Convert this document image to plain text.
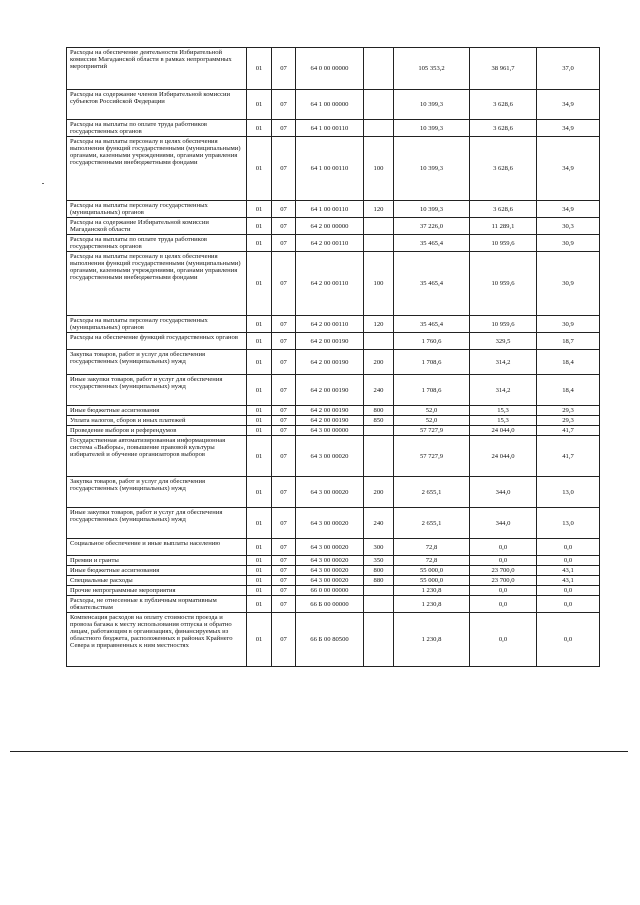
Расходы на обеспечение деятельности Избирательной комиссии Магаданской области в рамках непрограммных мероприятий	01	07	64 0 00 00000		105 353,2	38 961,7	37,0
Расходы на содержание членов Избирательной комиссии субъектов Российской Федерации	01	07	64 1 00 00000		10 399,3	3 628,6	34,9
Расходы на выплаты по оплате труда работников государственных органов	01	07	64 1 00 00110		10 399,3	3 628,6	34,9
Расходы на выплаты персоналу в целях обеспечения выполнения функций государственными (муниципальными) органами, казенными учреждениями, органами управления государственными внебюджетными фондами	01	07	64 1 00 00110	100	10 399,3	3 628,6	34,9
Расходы на выплаты персоналу государственных (муниципальных) органов	01	07	64 1 00 00110	120	10 399,3	3 628,6	34,9
Расходы на содержание Избирательной комиссии Магаданской области	01	07	64 2 00 00000		37 226,0	11 289,1	30,3
Расходы на выплаты по оплате труда работников государственных органов	01	07	64 2 00 00110		35 465,4	10 959,6	30,9
Расходы на выплаты персоналу в целях обеспечения выполнения функций государственными (муниципальными) органами, казенными учреждениями, органами управления государственными внебюджетными фондами	01	07	64 2 00 00110	100	35 465,4	10 959,6	30,9
Расходы на выплаты персоналу государственных (муниципальных) органов	01	07	64 2 00 00110	120	35 465,4	10 959,6	30,9
Расходы на обеспечение функций государственных органов	01	07	64 2 00 00190		1 760,6	329,5	18,7
Закупка товаров, работ и услуг для обеспечения государственных (муниципальных) нужд	01	07	64 2 00 00190	200	1 708,6	314,2	18,4
Иные закупки товаров, работ и услуг для обеспечения государственных (муниципальных) нужд	01	07	64 2 00 00190	240	1 708,6	314,2	18,4
Иные бюджетные ассигнования	01	07	64 2 00 00190	800	52,0	15,3	29,3
Уплата налогов, сборов и иных платежей	01	07	64 2 00 00190	850	52,0	15,3	29,3
Проведение выборов и референдумов	01	07	64 3 00 00000		57 727,9	24 044,0	41,7
Государственная автоматизированная информационная система «Выборы», повышение правовой культуры избирателей и обучение организаторов выборов	01	07	64 3 00 00020		57 727,9	24 044,0	41,7
Закупка товаров, работ и услуг для обеспечения государственных (муниципальных) нужд	01	07	64 3 00 00020	200	2 655,1	344,0	13,0
Иные закупки товаров, работ и услуг для обеспечения государственных (муниципальных) нужд	01	07	64 3 00 00020	240	2 655,1	344,0	13,0
Социальное обеспечение и иные выплаты населению	01	07	64 3 00 00020	300	72,8	0,0	0,0
Премии и гранты	01	07	64 3 00 00020	350	72,8	0,0	0,0
Иные бюджетные ассигнования	01	07	64 3 00 00020	800	55 000,0	23 700,0	43,1
Специальные расходы	01	07	64 3 00 00020	880	55 000,0	23 700,0	43,1
Прочие непрограммные мероприятия	01	07	66 0 00 00000		1 230,8	0,0	0,0
Расходы, не отнесенные к публичным нормативным обязательствам	01	07	66 Б 00 00000		1 230,8	0,0	0,0
Компенсация расходов на оплату стоимости проезда и провоза багажа к месту использования отпуска и обратно лицам, работающим в организациях, финансируемых из областного бюджета, расположенных в районах Крайнего Севера и приравненных к ним местностях	01	07	66 Б 00 80500		1 230,8	0,0	0,0
